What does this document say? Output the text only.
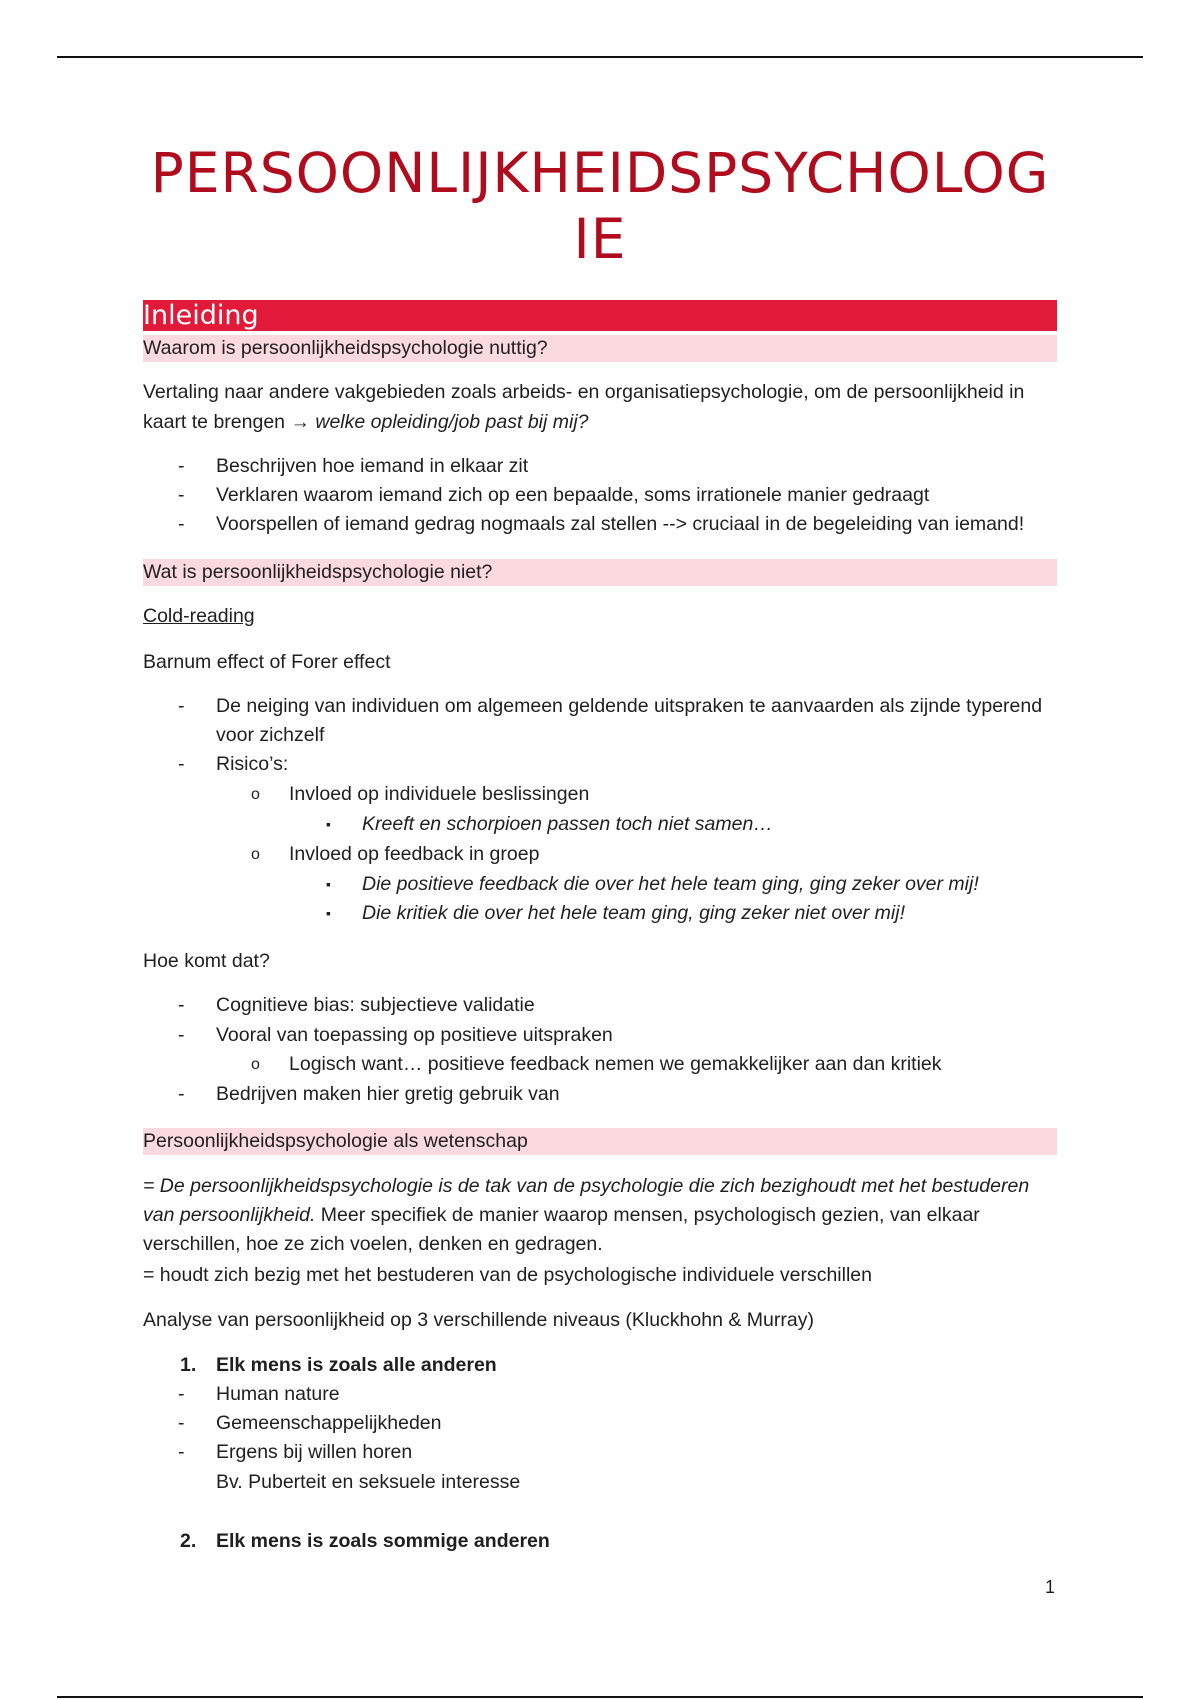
PERSOONLIJKHEIDSPSYCHOLOGIE
Inleiding
Waarom is persoonlijkheidspsychologie nuttig?

Vertaling naar andere vakgebieden zoals arbeids- en organisatiepsychologie, om de persoonlijkheid in kaart te brengen → welke opleiding/job past bij mij?

- Beschrijven hoe iemand in elkaar zit
- Verklaren waarom iemand zich op een bepaalde, soms irrationele manier gedraagt
- Voorspellen of iemand gedrag nogmaals zal stellen --> cruciaal in de begeleiding van iemand!
Wat is persoonlijkheidspsychologie niet?

Cold-reading

Barnum effect of Forer effect

- De neiging van individuen om algemeen geldende uitspraken te aanvaarden als zijnde typerend voor zichzelf
- Risico’s:
o Invloed op individuele beslissingen
▪ Kreeft en schorpioen passen toch niet samen…
o Invloed op feedback in groep
▪ Die positieve feedback die over het hele team ging, ging zeker over mij!
▪ Die kritiek die over het hele team ging, ging zeker niet over mij!

Hoe komt dat?

- Cognitieve bias: subjectieve validatie
- Vooral van toepassing op positieve uitspraken
o Logisch want… positieve feedback nemen we gemakkelijker aan dan kritiek
- Bedrijven maken hier gretig gebruik van
Persoonlijkheidspsychologie als wetenschap

= De persoonlijkheidspsychologie is de tak van de psychologie die zich bezighoudt met het bestuderen van persoonlijkheid. Meer specifiek de manier waarop mensen, psychologisch gezien, van elkaar verschillen, hoe ze zich voelen, denken en gedragen.

= houdt zich bezig met het bestuderen van de psychologische individuele verschillen

Analyse van persoonlijkheid op 3 verschillende niveaus (Kluckhohn & Murray)

1. Elk mens is zoals alle anderen
- Human nature
- Gemeenschappelijkheden
- Ergens bij willen horen
Bv. Puberteit en seksuele interesse
2. Elk mens is zoals sommige anderen
1
